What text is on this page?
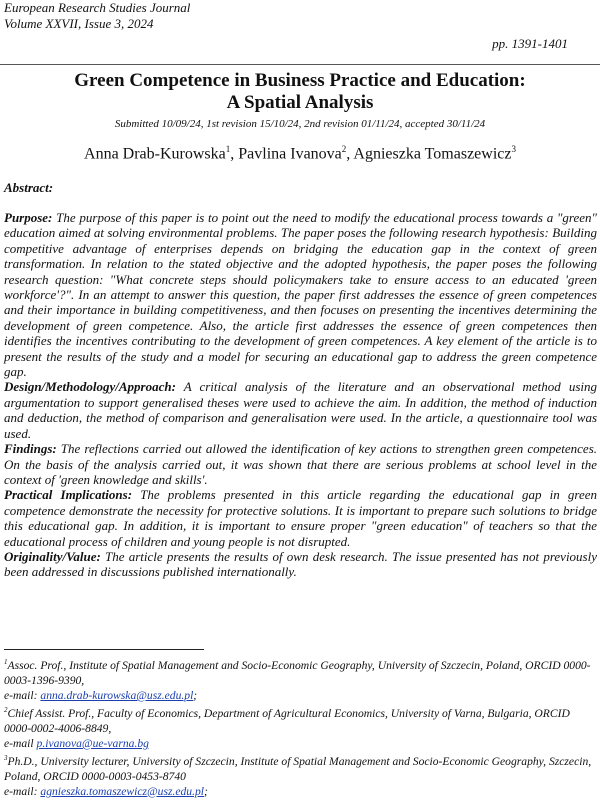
European Research Studies Journal
Volume XXVII, Issue 3, 2024
pp. 1391-1401
Green Competence in Business Practice and Education:
A Spatial Analysis
Submitted 10/09/24, 1st revision 15/10/24, 2nd revision 01/11/24, accepted 30/11/24
Anna Drab-Kurowska$^1$, Pavlina Ivanova$^2$, Agnieszka Tomaszewicz$^3$
Abstract:

Purpose: The purpose of this paper is to point out the need to modify the educational process towards a "green" education aimed at solving environmental problems. The paper poses the following research hypothesis: Building competitive advantage of enterprises depends on bridging the education gap in the context of green transformation. In relation to the stated objective and the adopted hypothesis, the paper poses the following research question: "What concrete steps should policymakers take to ensure access to an educated 'green workforce'?". In an attempt to answer this question, the paper first addresses the essence of green competences and their importance in building competitiveness, and then focuses on presenting the incentives determining the development of green competence. Also, the article first addresses the essence of green competences then identifies the incentives contributing to the development of green competences. A key element of the article is to present the results of the study and a model for securing an educational gap to address the green competence gap.

Design/Methodology/Approach: A critical analysis of the literature and an observational method using argumentation to support generalised theses were used to achieve the aim. In addition, the method of induction and deduction, the method of comparison and generalisation were used. In the article, a questionnaire tool was used.

Findings: The reflections carried out allowed the identification of key actions to strengthen green competences. On the basis of the analysis carried out, it was shown that there are serious problems at school level in the context of 'green knowledge and skills'.

Practical Implications: The problems presented in this article regarding the educational gap in green competence demonstrate the necessity for protective solutions. It is important to prepare such solutions to bridge this educational gap. In addition, it is important to ensure proper "green education" of teachers so that the educational process of children and young people is not disrupted.

Originality/Value: The article presents the results of own desk research. The issue presented has not previously been addressed in discussions published internationally.

$^1$Assoc. Prof., Institute of Spatial Management and Socio-Economic Geography, University of Szczecin, Poland, ORCID 0000-0003-1396-9390,
e-mail: anna.drab-kurowska@usz.edu.pl;

$^2$Chief Assist. Prof., Faculty of Economics, Department of Agricultural Economics, University of Varna, Bulgaria, ORCID 0000-0002-4006-8849,
e-mail p.ivanova@ue-varna.bg

$^3$Ph.D., University lecturer, University of Szczecin, Institute of Spatial Management and Socio-Economic Geography, Szczecin, Poland, ORCID 0000-0003-0453-8740
e-mail: agnieszka.tomaszewicz@usz.edu.pl;
